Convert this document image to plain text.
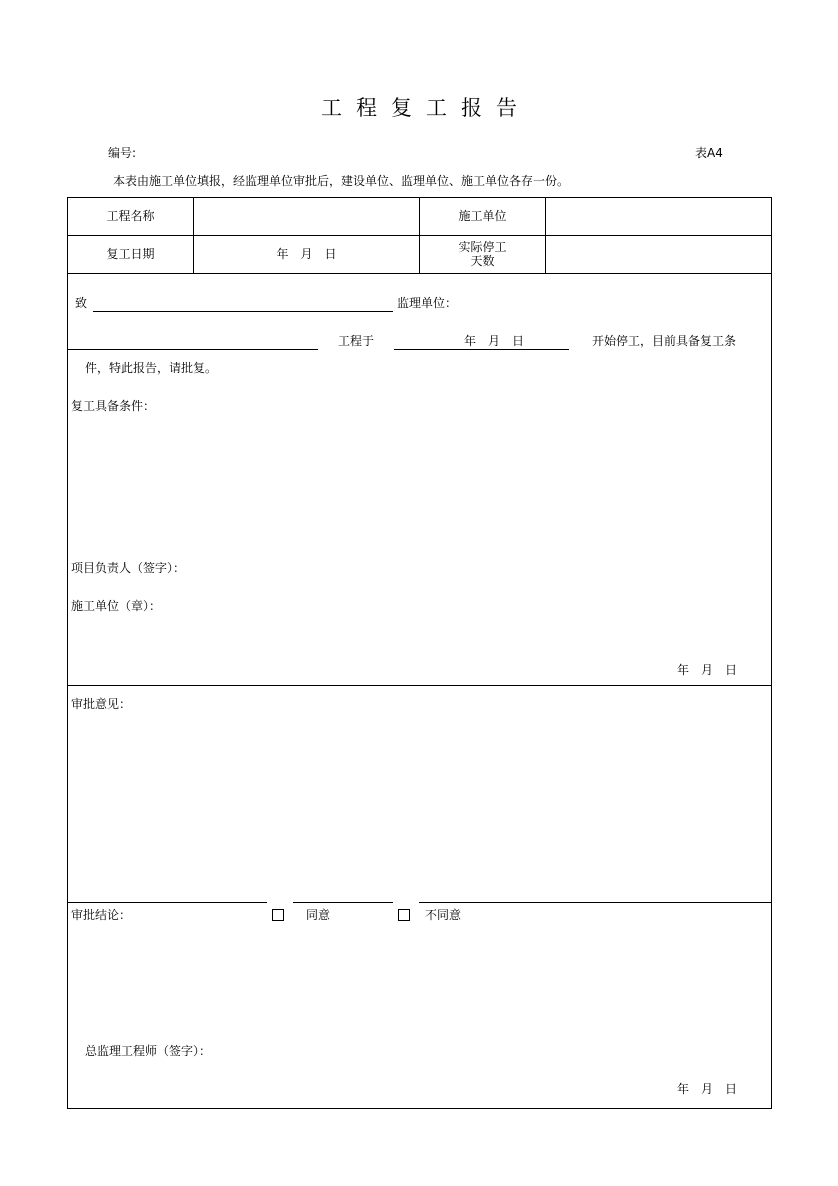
工程复工报告
编号:	表A4
本表由施工单位填报，经监理单位审批后，建设单位、监理单位、施工单位各存一份。
工程名称	施工单位
复工日期	年　月　日	实际停工
天数
致	监理单位：
工程于	年　月　日	开始停工，目前具备复工条
件，特此报告，请批复。
复工具备条件：
项目负责人（签字）：
施工单位（章）：
年　月　日
审批意见：
审批结论：	同意	不同意
总监理工程师（签字）：
年　月　日
